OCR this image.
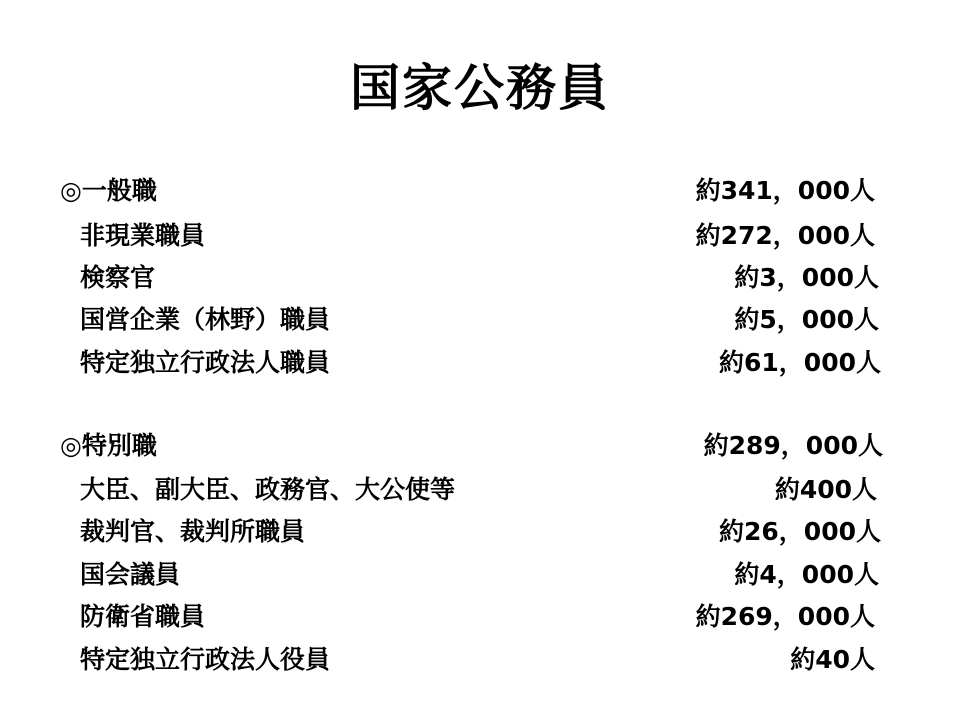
国家公務員
◎一般職	約341，000人
非現業職員	約272，000人
検察官	約3，000人
国営企業（林野）職員	約5，000人
特定独立行政法人職員	約61，000人
◎特別職	約289，000人
大臣、副大臣、政務官、大公使等	約400人
裁判官、裁判所職員	約26，000人
国会議員	約4，000人
防衛省職員	約269，000人
特定独立行政法人役員	約40人
